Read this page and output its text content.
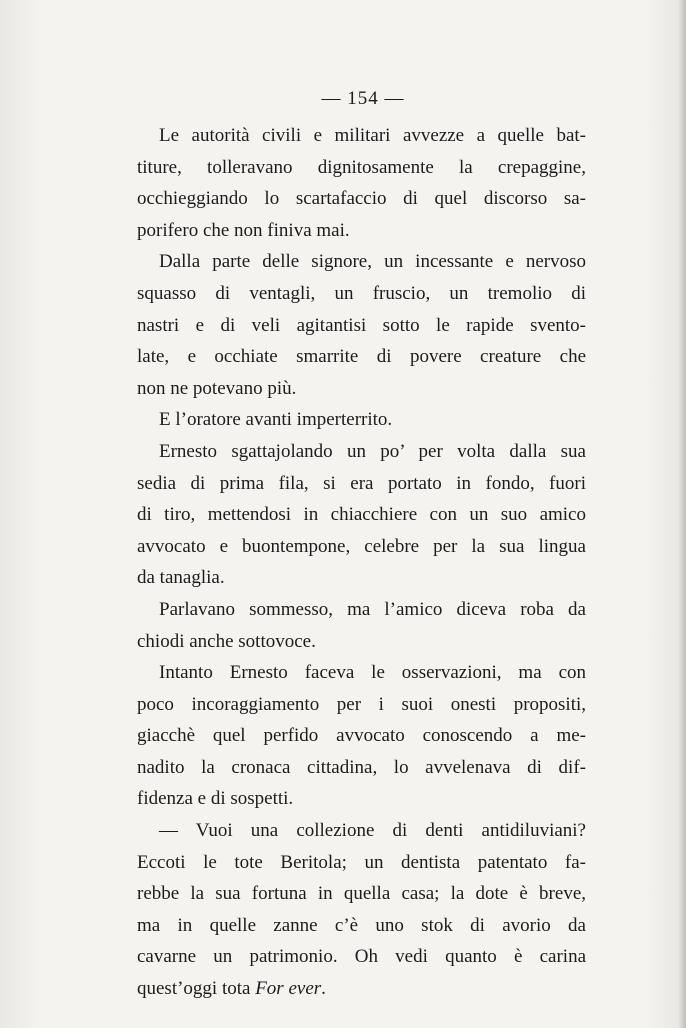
— 154 —
Le autorità civili e militari avvezze a quelle bat-
titure, tolleravano dignitosamente la crepaggine,
occhieggiando lo scartafaccio di quel discorso sa-
porifero che non finiva mai.
Dalla parte delle signore, un incessante e nervoso
squasso di ventagli, un fruscio, un tremolio di
nastri e di veli agitantisi sotto le rapide svento-
late, e occhiate smarrite di povere creature che
non ne potevano più.
E l’oratore avanti imperterrito.
Ernesto sgattajolando un po’ per volta dalla sua
sedia di prima fila, si era portato in fondo, fuori
di tiro, mettendosi in chiacchiere con un suo amico
avvocato e buontempone, celebre per la sua lingua
da tanaglia.
Parlavano sommesso, ma l’amico diceva roba da
chiodi anche sottovoce.
Intanto Ernesto faceva le osservazioni, ma con
poco incoraggiamento per i suoi onesti propositi,
giacchè quel perfido avvocato conoscendo a me-
nadito la cronaca cittadina, lo avvelenava di dif-
fidenza e di sospetti.
— Vuoi una collezione di denti antidiluviani?
Eccoti le tote Beritola; un dentista patentato fa-
rebbe la sua fortuna in quella casa; la dote è breve,
ma in quelle zanne c’è uno stok di avorio da
cavarne un patrimonio. Oh vedi quanto è carina
quest’oggi tota For ever.
